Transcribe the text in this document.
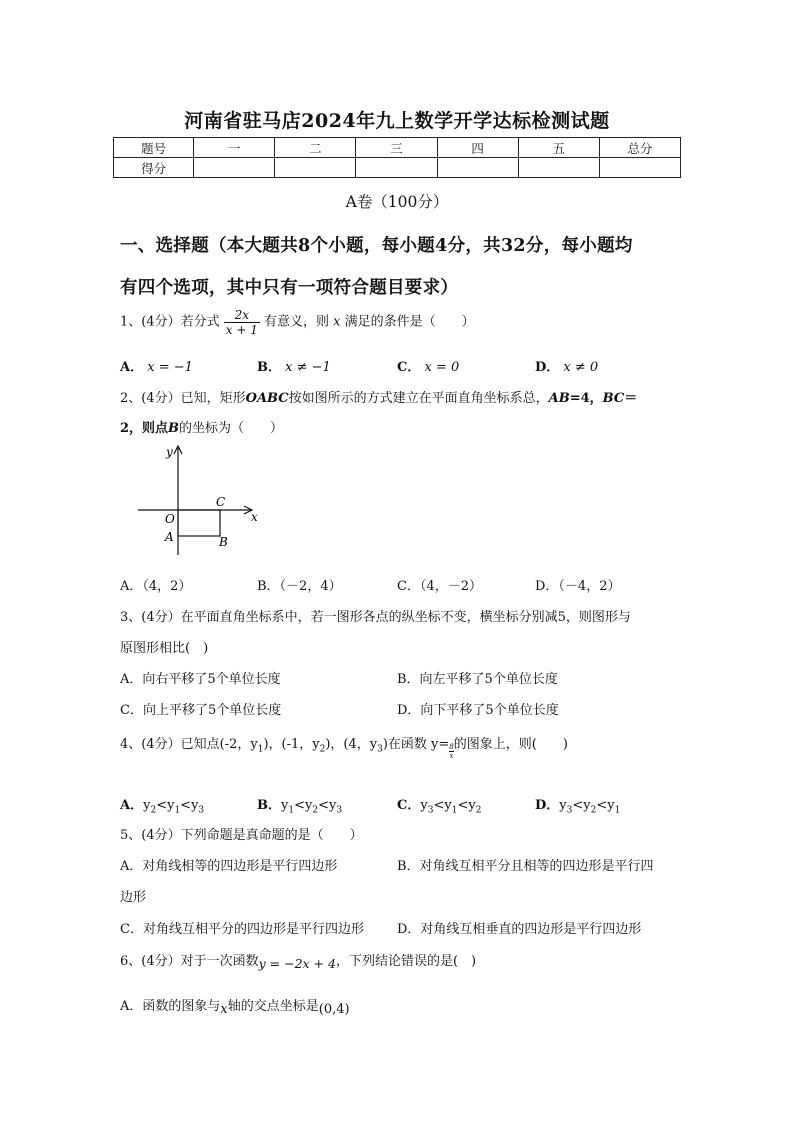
河南省驻马店2024年九上数学开学达标检测试题
题号	一	二	三	四	五	总分
得分						
A卷（100分）
一、选择题（本大题共8个小题，每小题4分，共32分，每小题均
有四个选项，其中只有一项符合题目要求）
1、(4分）若分式 $\frac{2x}{x + 1}$ 有意义，则 x 满足的条件是（　　）
A． x = −1	B． x ≠ −1	C． x = 0	D． x ≠ 0
2、(4分）已知，矩形OABC按如图所示的方式建立在平面直角坐标系总，AB=4，BC＝
2，则点B的坐标为（　　）
y
x
O
C
A	B
A．（4，2）	B．（－2，4）	C．（4，－2）	D．（－4，2）
3、(4分）在平面直角坐标系中，若一图形各点的纵坐标不变，横坐标分别减5，则图形与
原图形相比(　)
A．向右平移了5个单位长度	B．向左平移了5个单位长度
C．向上平移了5个单位长度	D．向下平移了5个单位长度
4、(4分）已知点(-2，$y_1$)，(-1，$y_2$)，(4，$y_3$)在函数 $y= \frac{8}{x}$的图象上，则(　　)
A．$y_2<y_1<y_3$	B．$y_1<y_2<y_3$	C．$y_3<y_1<y_2$	D．$y_3<y_2<y_1$
5、(4分）下列命题是真命题的是（　　）
A．对角线相等的四边形是平行四边形	B．对角线互相平分且相等的四边形是平行四
边形
C．对角线互相平分的四边形是平行四边形	D．对角线互相垂直的四边形是平行四边形
6、(4分）对于一次函数y = −2x + 4，下列结论错误的是(　)
A．函数的图象与x轴的交点坐标是(0,4)
